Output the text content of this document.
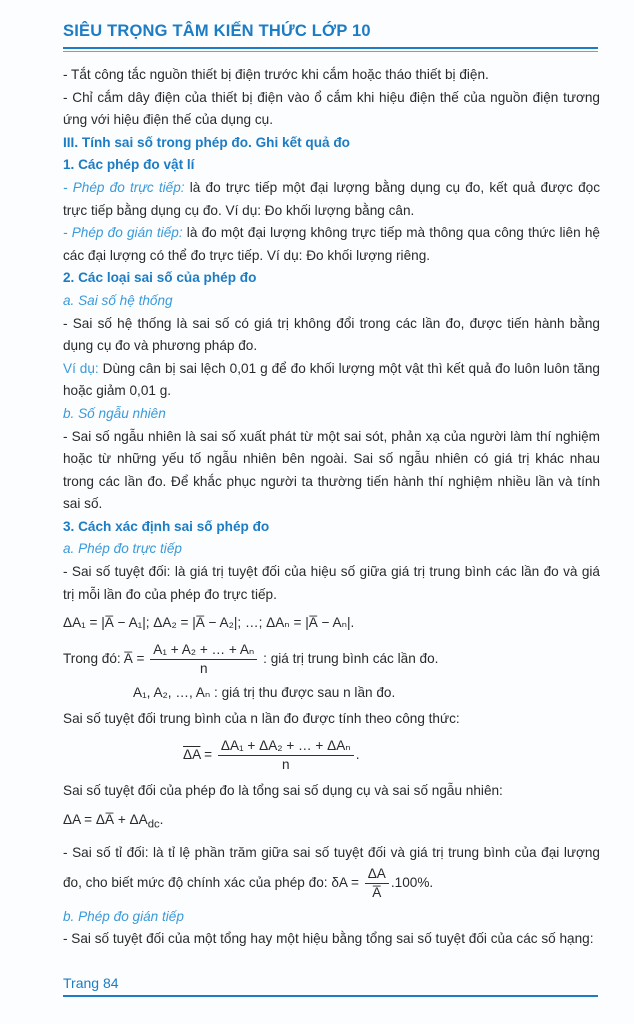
SIÊU TRỌNG TÂM KIẾN THỨC LỚP 10

- Tắt công tắc nguồn thiết bị điện trước khi cắm hoặc tháo thiết bị điện.

- Chỉ cắm dây điện của thiết bị điện vào ổ cắm khi hiệu điện thế của nguồn điện tương ứng với hiệu điện thế của dụng cụ.

III. Tính sai số trong phép đo. Ghi kết quả đo

1. Các phép đo vật lí

- Phép đo trực tiếp: là đo trực tiếp một đại lượng bằng dụng cụ đo, kết quả được đọc trực tiếp bằng dụng cụ đo. Ví dụ: Đo khối lượng bằng cân.

- Phép đo gián tiếp: là đo một đại lượng không trực tiếp mà thông qua công thức liên hệ các đại lượng có thể đo trực tiếp. Ví dụ: Đo khối lượng riêng.

2. Các loại sai số của phép đo

a. Sai số hệ thống

- Sai số hệ thống là sai số có giá trị không đổi trong các lần đo, được tiến hành bằng dụng cụ đo và phương pháp đo.

Ví dụ: Dùng cân bị sai lệch 0,01 g để đo khối lượng một vật thì kết quả đo luôn luôn tăng hoặc giảm 0,01 g.

b. Số ngẫu nhiên

- Sai số ngẫu nhiên là sai số xuất phát từ một sai sót, phản xạ của người làm thí nghiệm hoặc từ những yếu tố ngẫu nhiên bên ngoài. Sai số ngẫu nhiên có giá trị khác nhau trong các lần đo. Để khắc phục người ta thường tiến hành thí nghiệm nhiều lần và tính sai số.

3. Cách xác định sai số phép đo

a. Phép đo trực tiếp

- Sai số tuyệt đối: là giá trị tuyệt đối của hiệu số giữa giá trị trung bình các lần đo và giá trị mỗi lần đo của phép đo trực tiếp.

ΔA₁ = |A̅ − A₁|; ΔA₂ = |A̅ − A₂|; …; ΔAₙ = |A̅ − Aₙ|.

Trong đó: A̅ = $\frac{\text{A₁ + A₂ + … + Aₙ}}{n}$ : giá trị trung bình các lần đo.

A₁, A₂, …, Aₙ : giá trị thu được sau n lần đo.

Sai số tuyệt đối trung bình của n lần đo được tính theo công thức:

$\overline{\Delta A} = \frac{\text{ΔA₁ + ΔA₂ + … + ΔAₙ}}{n}$ .

Sai số tuyệt đối của phép đo là tổng sai số dụng cụ và sai số ngẫu nhiên:

ΔA = ΔA̅ + $\Delta A_{dc}$.

- Sai số tỉ đối: là tỉ lệ phần trăm giữa sai số tuyệt đối và giá trị trung bình của đại lượng đo, cho biết mức độ chính xác của phép đo: $\delta A = \frac{\Delta A}{A̅} .100\%$.

b. Phép đo gián tiếp

- Sai số tuyệt đối của một tổng hay một hiệu bằng tổng sai số tuyệt đối của các số hạng:

Trang 84
